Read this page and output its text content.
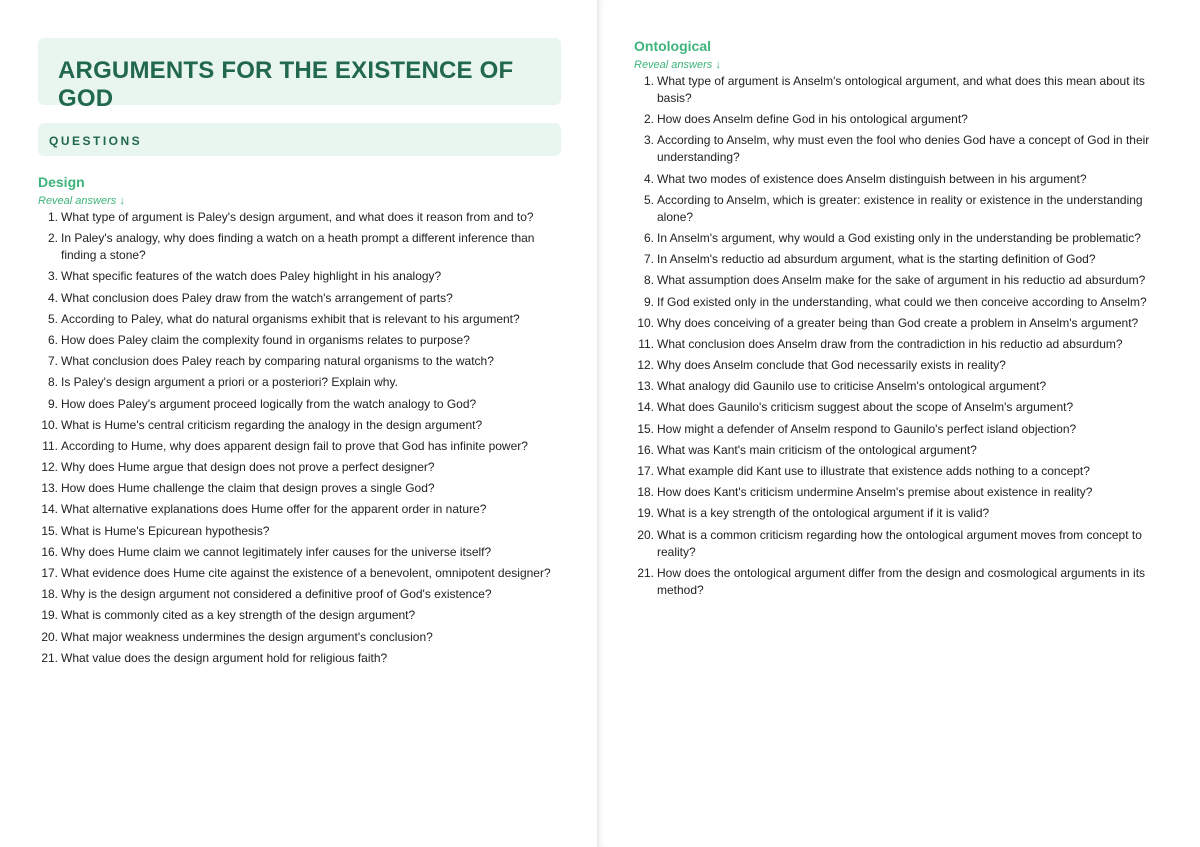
ARGUMENTS FOR THE EXISTENCE OF GOD
QUESTIONS
Design
Reveal answers ↓
1. What type of argument is Paley's design argument, and what does it reason from and to?
2. In Paley's analogy, why does finding a watch on a heath prompt a different inference than finding a stone?
3. What specific features of the watch does Paley highlight in his analogy?
4. What conclusion does Paley draw from the watch's arrangement of parts?
5. According to Paley, what do natural organisms exhibit that is relevant to his argument?
6. How does Paley claim the complexity found in organisms relates to purpose?
7. What conclusion does Paley reach by comparing natural organisms to the watch?
8. Is Paley's design argument a priori or a posteriori? Explain why.
9. How does Paley's argument proceed logically from the watch analogy to God?
10. What is Hume's central criticism regarding the analogy in the design argument?
11. According to Hume, why does apparent design fail to prove that God has infinite power?
12. Why does Hume argue that design does not prove a perfect designer?
13. How does Hume challenge the claim that design proves a single God?
14. What alternative explanations does Hume offer for the apparent order in nature?
15. What is Hume's Epicurean hypothesis?
16. Why does Hume claim we cannot legitimately infer causes for the universe itself?
17. What evidence does Hume cite against the existence of a benevolent, omnipotent designer?
18. Why is the design argument not considered a definitive proof of God's existence?
19. What is commonly cited as a key strength of the design argument?
20. What major weakness undermines the design argument's conclusion?
21. What value does the design argument hold for religious faith?
Ontological
Reveal answers ↓
1. What type of argument is Anselm's ontological argument, and what does this mean about its basis?
2. How does Anselm define God in his ontological argument?
3. According to Anselm, why must even the fool who denies God have a concept of God in their understanding?
4. What two modes of existence does Anselm distinguish between in his argument?
5. According to Anselm, which is greater: existence in reality or existence in the understanding alone?
6. In Anselm's argument, why would a God existing only in the understanding be problematic?
7. In Anselm's reductio ad absurdum argument, what is the starting definition of God?
8. What assumption does Anselm make for the sake of argument in his reductio ad absurdum?
9. If God existed only in the understanding, what could we then conceive according to Anselm?
10. Why does conceiving of a greater being than God create a problem in Anselm's argument?
11. What conclusion does Anselm draw from the contradiction in his reductio ad absurdum?
12. Why does Anselm conclude that God necessarily exists in reality?
13. What analogy did Gaunilo use to criticise Anselm's ontological argument?
14. What does Gaunilo's criticism suggest about the scope of Anselm's argument?
15. How might a defender of Anselm respond to Gaunilo's perfect island objection?
16. What was Kant's main criticism of the ontological argument?
17. What example did Kant use to illustrate that existence adds nothing to a concept?
18. How does Kant's criticism undermine Anselm's premise about existence in reality?
19. What is a key strength of the ontological argument if it is valid?
20. What is a common criticism regarding how the ontological argument moves from concept to reality?
21. How does the ontological argument differ from the design and cosmological arguments in its method?
